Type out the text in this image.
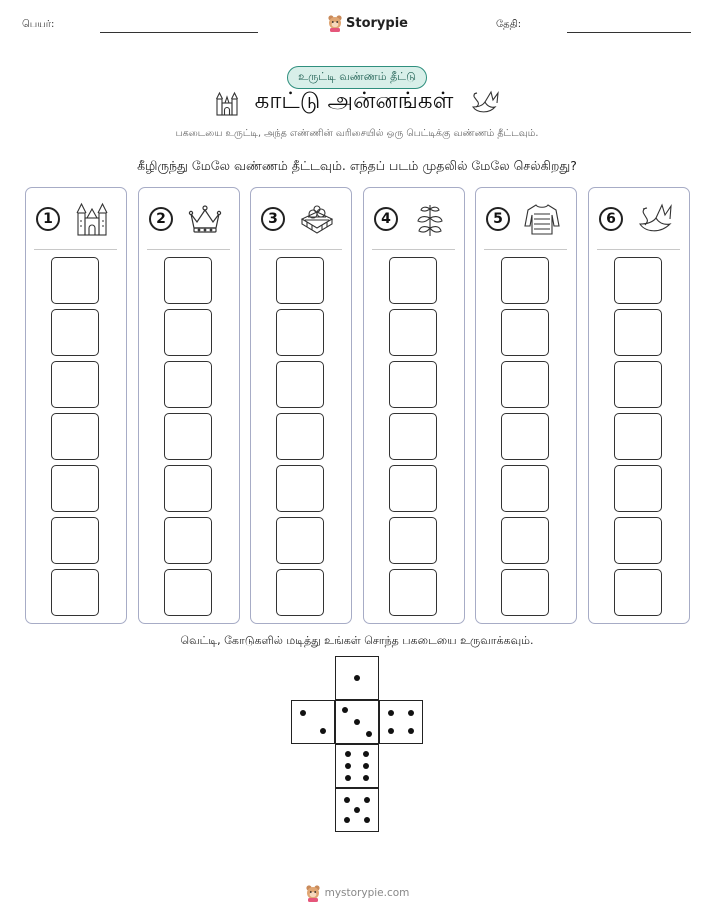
பெயர்:	Storypie	தேதி:
உருட்டி வண்ணம் தீட்டு
காட்டு அன்னங்கள்
பகடையை உருட்டி, அந்த எண்ணின் வரிசையில் ஒரு பெட்டிக்கு வண்ணம் தீட்டவும்.
கீழிருந்து மேலே வண்ணம் தீட்டவும். எந்தப் படம் முதலில் மேலே செல்கிறது?
1	2	3	4	5	6
வெட்டி, கோடுகளில் மடித்து உங்கள் சொந்த பகடையை உருவாக்கவும்.
mystorypie.com
